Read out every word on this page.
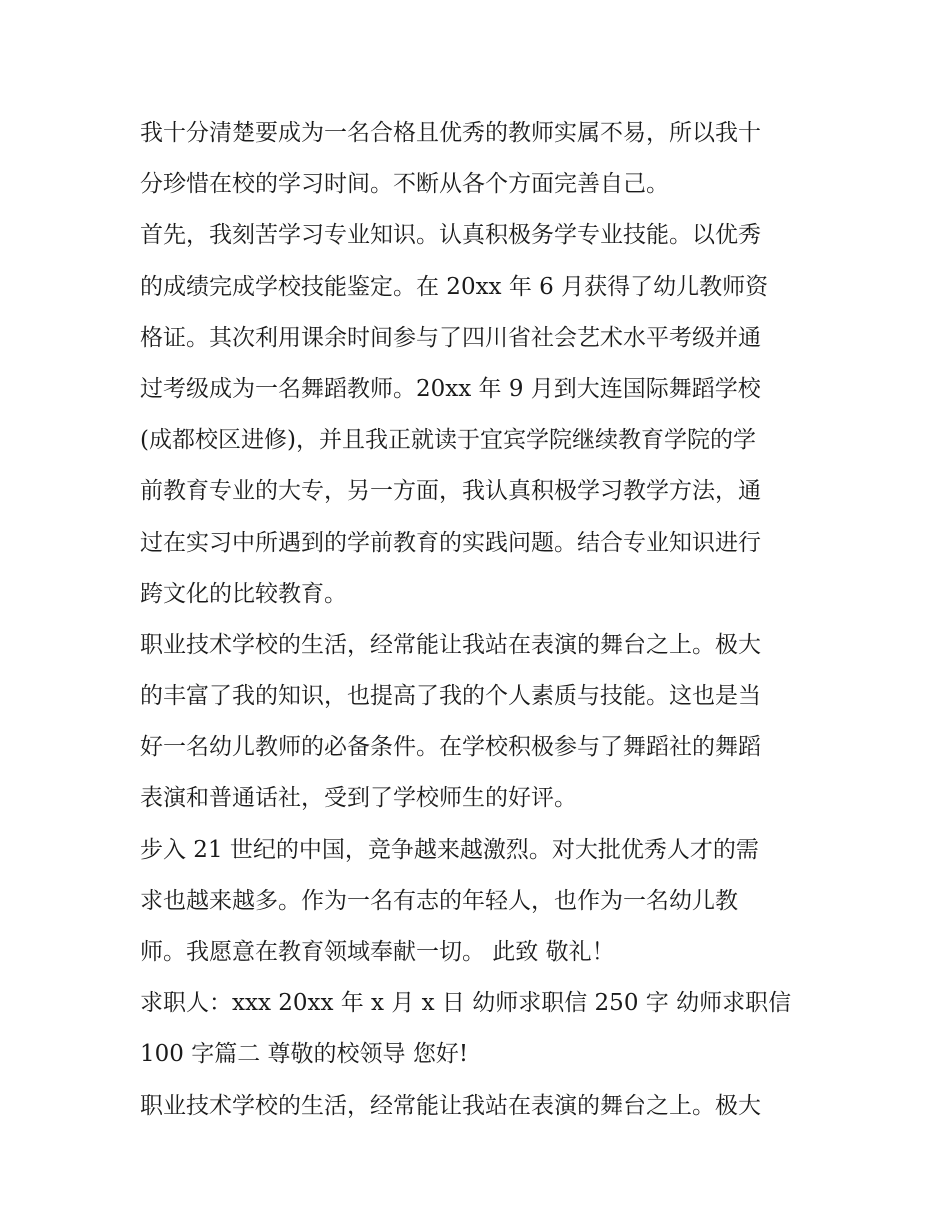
我十分清楚要成为一名合格且优秀的教师实属不易，所以我十
分珍惜在校的学习时间。不断从各个方面完善自己。
首先，我刻苦学习专业知识。认真积极务学专业技能。以优秀
的成绩完成学校技能鉴定。在 20xx 年 6 月获得了幼儿教师资
格证。其次利用课余时间参与了四川省社会艺术水平考级并通
过考级成为一名舞蹈教师。20xx 年 9 月到大连国际舞蹈学校
(成都校区进修)，并且我正就读于宜宾学院继续教育学院的学
前教育专业的大专，另一方面，我认真积极学习教学方法，通
过在实习中所遇到的学前教育的实践问题。结合专业知识进行
跨文化的比较教育。
职业技术学校的生活，经常能让我站在表演的舞台之上。极大
的丰富了我的知识，也提高了我的个人素质与技能。这也是当
好一名幼儿教师的必备条件。在学校积极参与了舞蹈社的舞蹈
表演和普通话社，受到了学校师生的好评。
步入 21 世纪的中国，竞争越来越激烈。对大批优秀人才的需
求也越来越多。作为一名有志的年轻人，也作为一名幼儿教
师。我愿意在教育领域奉献一切。 此致 敬礼！
求职人：xxx 20xx 年 x 月 x 日 幼师求职信 250 字 幼师求职信
100 字篇二 尊敬的校领导 您好!
职业技术学校的生活，经常能让我站在表演的舞台之上。极大
